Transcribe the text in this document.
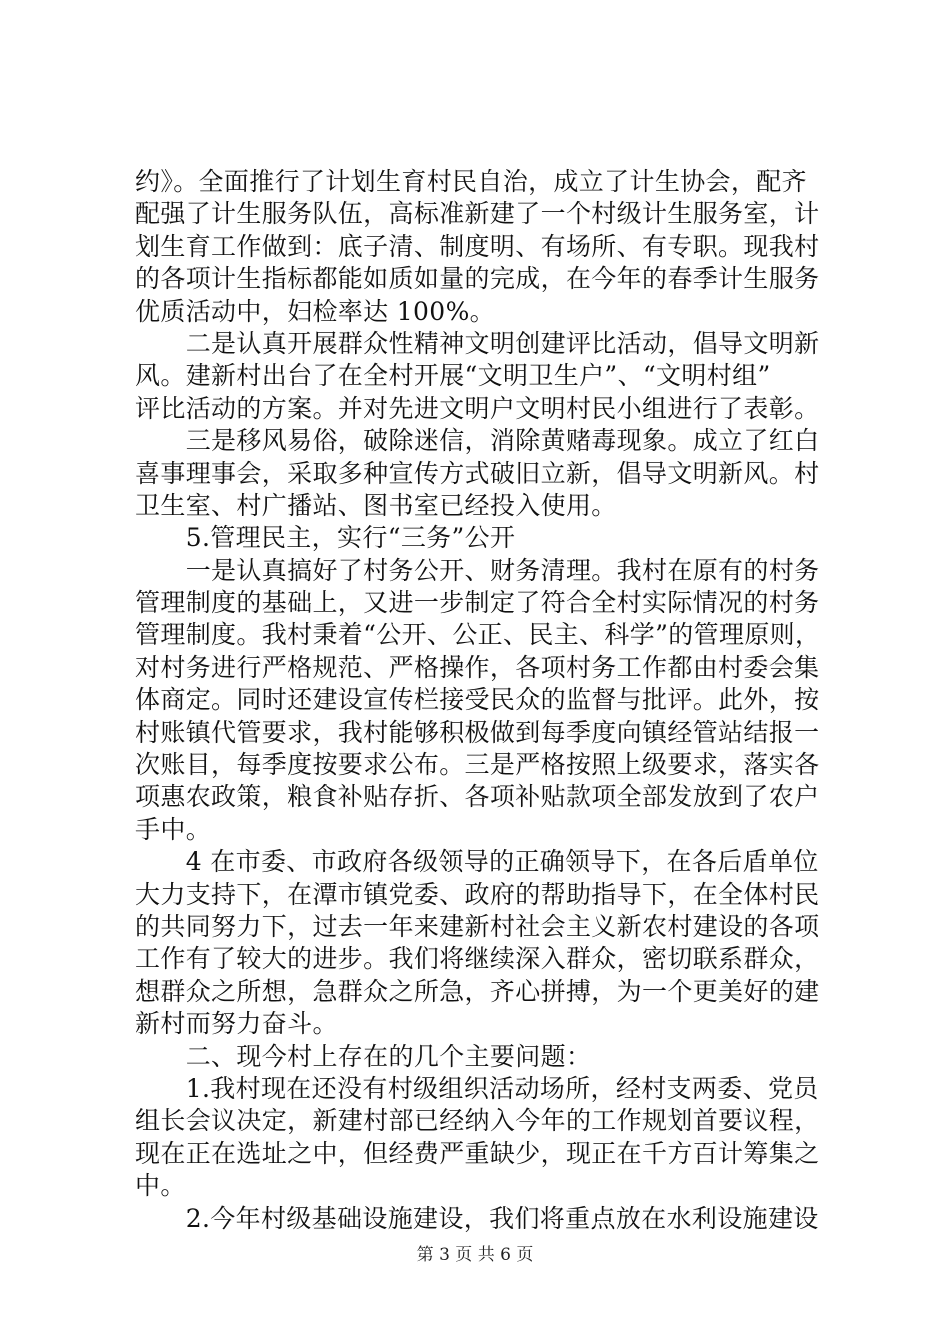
约》。全面推行了计划生育村民自治，成立了计生协会，配齐
配强了计生服务队伍，高标准新建了一个村级计生服务室，计
划生育工作做到：底子清、制度明、有场所、有专职。现我村
的各项计生指标都能如质如量的完成，在今年的春季计生服务
优质活动中，妇检率达 100%。
　　二是认真开展群众性精神文明创建评比活动，倡导文明新
风。建新村出台了在全村开展“文明卫生户”、“文明村组”
评比活动的方案。并对先进文明户文明村民小组进行了表彰。
　　三是移风易俗，破除迷信，消除黄赌毒现象。成立了红白
喜事理事会，采取多种宣传方式破旧立新，倡导文明新风。村
卫生室、村广播站、图书室已经投入使用。
　　5.管理民主，实行“三务”公开
　　一是认真搞好了村务公开、财务清理。我村在原有的村务
管理制度的基础上，又进一步制定了符合全村实际情况的村务
管理制度。我村秉着“公开、公正、民主、科学”的管理原则，
对村务进行严格规范、严格操作，各项村务工作都由村委会集
体商定。同时还建设宣传栏接受民众的监督与批评。此外，按
村账镇代管要求，我村能够积极做到每季度向镇经管站结报一
次账目，每季度按要求公布。三是严格按照上级要求，落实各
项惠农政策，粮食补贴存折、各项补贴款项全部发放到了农户
手中。
　　4 在市委、市政府各级领导的正确领导下，在各后盾单位
大力支持下，在潭市镇党委、政府的帮助指导下，在全体村民
的共同努力下，过去一年来建新村社会主义新农村建设的各项
工作有了较大的进步。我们将继续深入群众，密切联系群众，
想群众之所想，急群众之所急，齐心拼搏，为一个更美好的建
新村而努力奋斗。
　　二、现今村上存在的几个主要问题：
　　1.我村现在还没有村级组织活动场所，经村支两委、党员
组长会议决定，新建村部已经纳入今年的工作规划首要议程，
现在正在选址之中，但经费严重缺少，现正在千方百计筹集之
中。
　　2.今年村级基础设施建设，我们将重点放在水利设施建设
第 3 页 共 6 页
